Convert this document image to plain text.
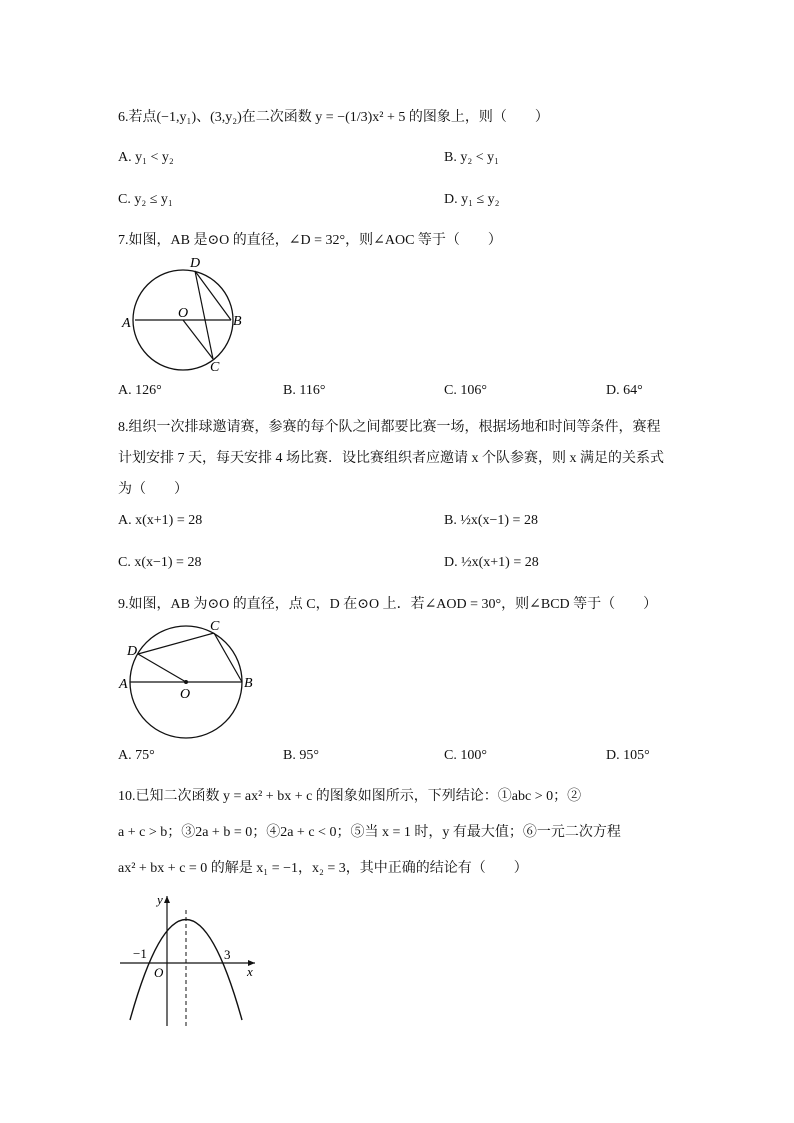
6.若点(−1,y₁)、(3,y₂)在二次函数 y = −(1/3)x² + 5 的图象上，则（　　）
A. y₁ < y₂	B. y₂ < y₁
C. y₂ ≤ y₁	D. y₁ ≤ y₂
7.如图，AB 是⊙O 的直径，∠D = 32°，则∠AOC 等于（　　）
D
O
A	B
C
A. 126°	B. 116°	C. 106°	D. 64°
8.组织一次排球邀请赛，参赛的每个队之间都要比赛一场，根据场地和时间等条件，赛程
计划安排 7 天，每天安排 4 场比赛．设比赛组织者应邀请 x 个队参赛，则 x 满足的关系式
为（　　）
A. x(x+1) = 28	B. ½x(x−1) = 28
C. x(x−1) = 28	D. ½x(x+1) = 28
9.如图，AB 为⊙O 的直径，点 C，D 在⊙O 上．若∠AOD = 30°，则∠BCD 等于（　　）
C
D
A	B
O
A. 75°	B. 95°	C. 100°	D. 105°
10.已知二次函数 y = ax² + bx + c 的图象如图所示，下列结论：①abc > 0；②
a + c > b；③2a + b = 0；④2a + c < 0；⑤当 x = 1 时，y 有最大值；⑥一元二次方程
ax² + bx + c = 0 的解是 x₁ = −1，x₂ = 3，其中正确的结论有（　　）
y
x
O
−1	3
